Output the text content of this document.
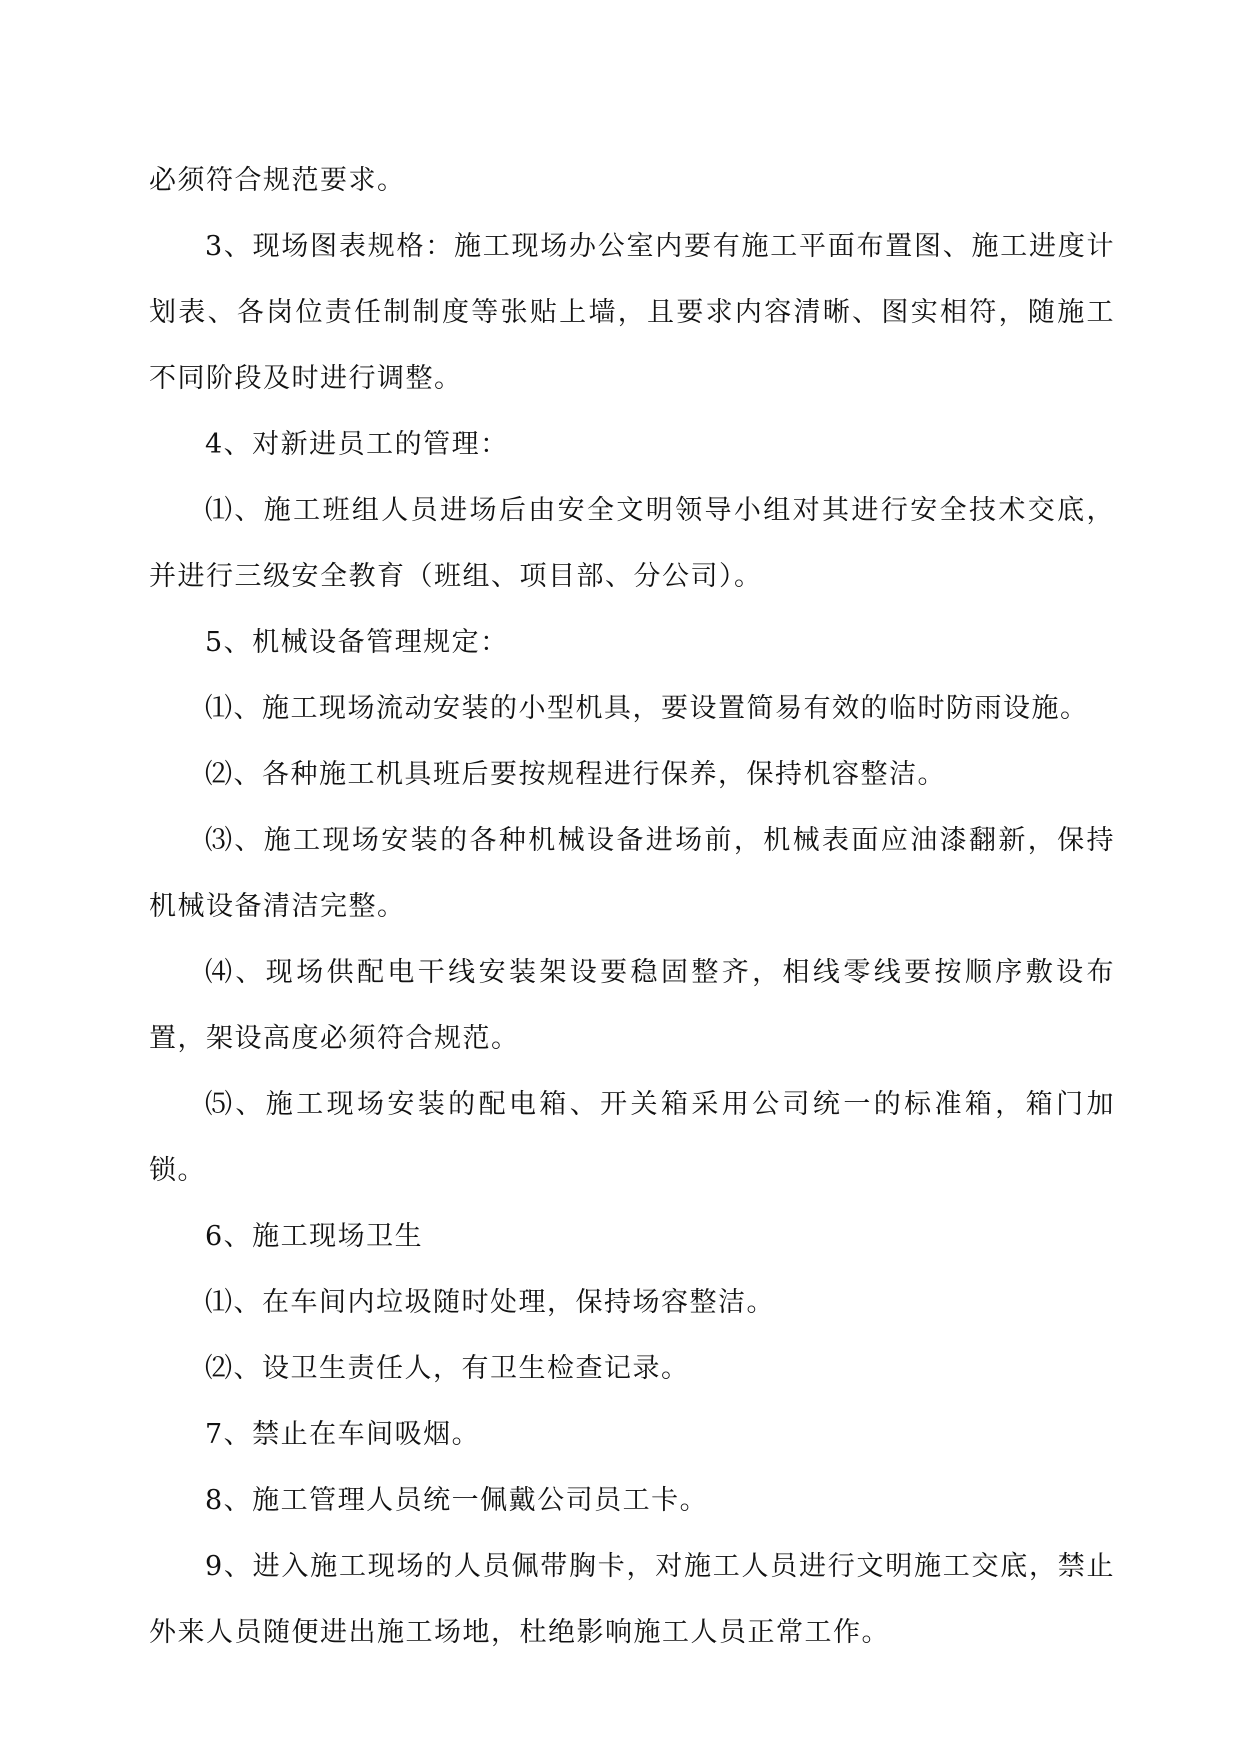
必须符合规范要求。

3、现场图表规格：施工现场办公室内要有施工平面布置图、施工进度计划表、各岗位责任制制度等张贴上墙，且要求内容清晰、图实相符，随施工不同阶段及时进行调整。

4、对新进员工的管理：

⑴、施工班组人员进场后由安全文明领导小组对其进行安全技术交底，并进行三级安全教育（班组、项目部、分公司）。

5、机械设备管理规定：

⑴、施工现场流动安装的小型机具，要设置简易有效的临时防雨设施。

⑵、各种施工机具班后要按规程进行保养，保持机容整洁。

⑶、施工现场安装的各种机械设备进场前，机械表面应油漆翻新，保持机械设备清洁完整。

⑷、现场供配电干线安装架设要稳固整齐，相线零线要按顺序敷设布置，架设高度必须符合规范。

⑸、施工现场安装的配电箱、开关箱采用公司统一的标准箱，箱门加锁。

6、施工现场卫生

⑴、在车间内垃圾随时处理，保持场容整洁。

⑵、设卫生责任人，有卫生检查记录。

7、禁止在车间吸烟。

8、施工管理人员统一佩戴公司员工卡。

9、进入施工现场的人员佩带胸卡，对施工人员进行文明施工交底，禁止外来人员随便进出施工场地，杜绝影响施工人员正常工作。
